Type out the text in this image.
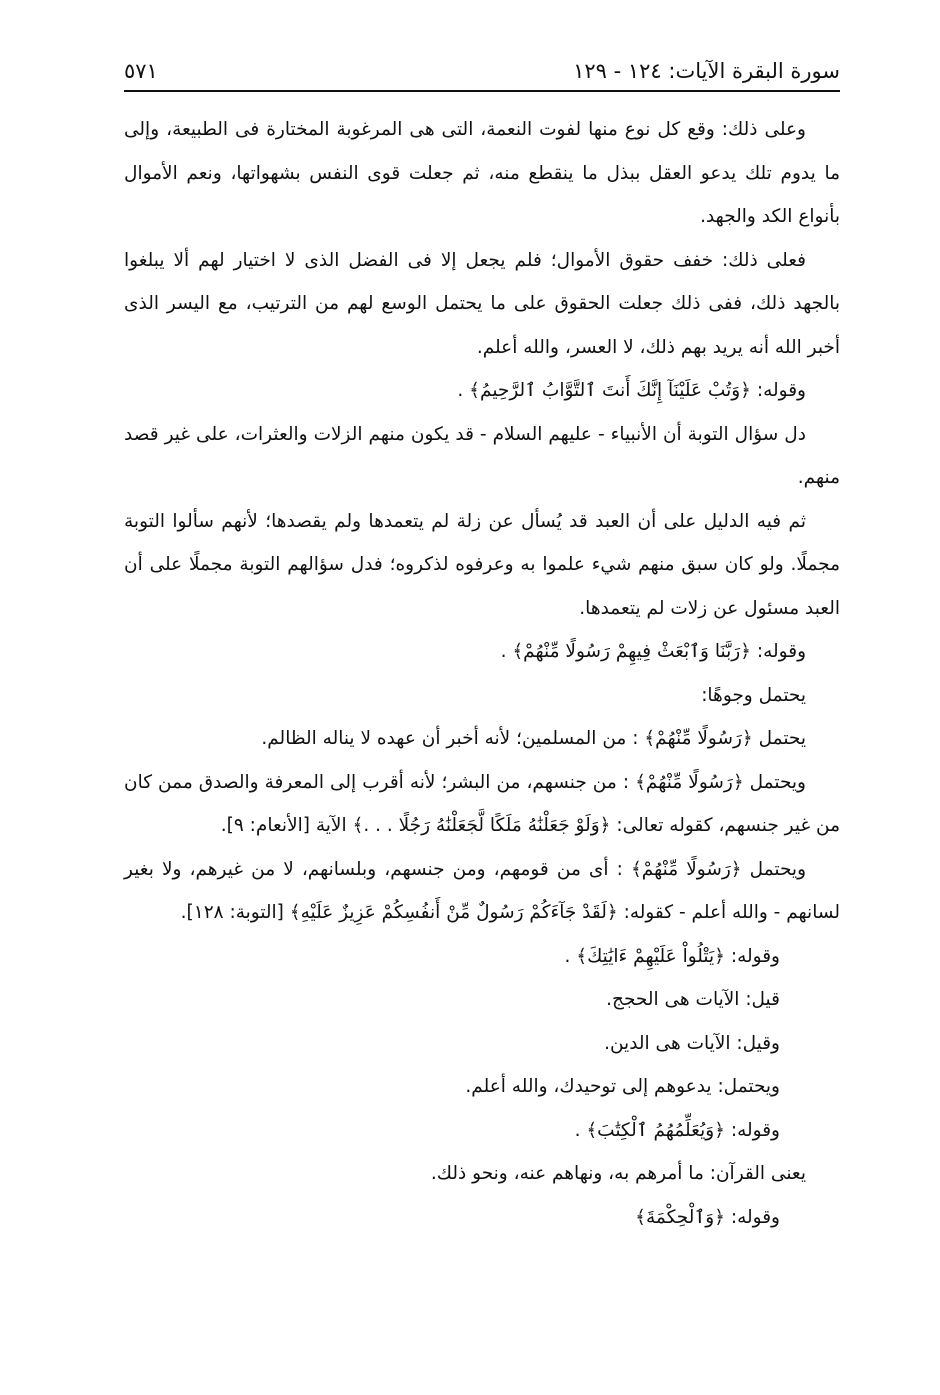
سورة البقرة الآيات: ١٢٤ - ١٢٩
٥٧١

وعلى ذلك: وقع كل نوع منها لفوت النعمة، التى هى المرغوبة المختارة فى الطبيعة، وإلى ما يدوم تلك يدعو العقل ببذل ما ينقطع منه، ثم جعلت قوى النفس بشهواتها، ونعم الأموال بأنواع الكد والجهد.

فعلى ذلك: خفف حقوق الأموال؛ فلم يجعل إلا فى الفضل الذى لا اختيار لهم ألا يبلغوا بالجهد ذلك، ففى ذلك جعلت الحقوق على ما يحتمل الوسع لهم من الترتيب، مع اليسر الذى أخبر الله أنه يريد بهم ذلك، لا العسر، والله أعلم.

وقوله: ﴿وَتُبْ عَلَيْنَآ إِنَّكَ أَنتَ ٱلتَّوَّابُ ٱلرَّحِيمُ﴾ .

دل سؤال التوبة أن الأنبياء - عليهم السلام - قد يكون منهم الزلات والعثرات، على غير قصد منهم.

ثم فيه الدليل على أن العبد قد يُسأل عن زلة لم يتعمدها ولم يقصدها؛ لأنهم سألوا التوبة مجملًا. ولو كان سبق منهم شيء علموا به وعرفوه لذكروه؛ فدل سؤالهم التوبة مجملًا على أن العبد مسئول عن زلات لم يتعمدها.

وقوله: ﴿رَبَّنَا وَٱبْعَثْ فِيهِمْ رَسُولًا مِّنْهُمْ﴾ .

يحتمل وجوهًا:

يحتمل ﴿رَسُولًا مِّنْهُمْ﴾ : من المسلمين؛ لأنه أخبر أن عهده لا يناله الظالم.

ويحتمل ﴿رَسُولًا مِّنْهُمْ﴾ : من جنسهم، من البشر؛ لأنه أقرب إلى المعرفة والصدق ممن كان من غير جنسهم، كقوله تعالى: ﴿وَلَوْ جَعَلْنَٰهُ مَلَكًا لَّجَعَلْنَٰهُ رَجُلًا . . .﴾ الآية [الأنعام: ٩].

ويحتمل ﴿رَسُولًا مِّنْهُمْ﴾ : أى من قومهم، ومن جنسهم، وبلسانهم، لا من غيرهم، ولا بغير لسانهم - والله أعلم - كقوله: ﴿لَقَدْ جَآءَكُمْ رَسُولٌ مِّنْ أَنفُسِكُمْ عَزِيزٌ عَلَيْهِ﴾ [التوبة: ١٢٨].

وقوله: ﴿يَتْلُواْ عَلَيْهِمْ ءَايَٰتِكَ﴾ .

قيل: الآيات هى الحجج.

وقيل: الآيات هى الدين.

ويحتمل: يدعوهم إلى توحيدك، والله أعلم.

وقوله: ﴿وَيُعَلِّمُهُمُ ٱلْكِتَٰبَ﴾ .

يعنى القرآن: ما أمرهم به، ونهاهم عنه، ونحو ذلك.

وقوله: ﴿وَٱلْحِكْمَةَ﴾
